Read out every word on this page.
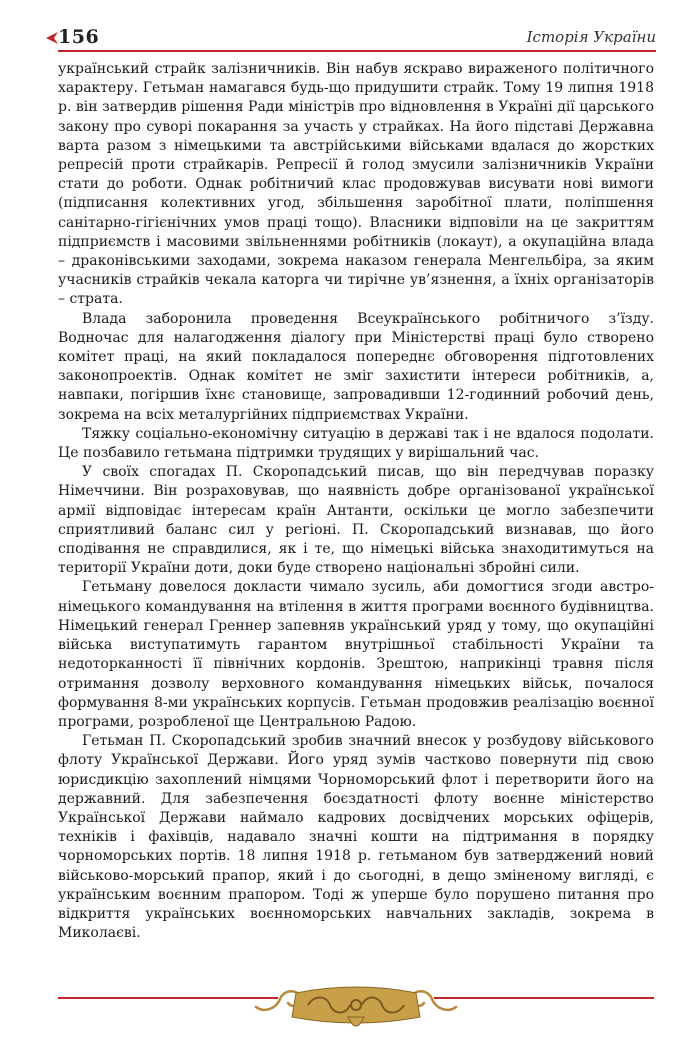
156	Історія України

український страйк залізничників. Він набув яскраво вираженого політичного характеру. Гетьман намагався будь-що придушити страйк. Тому 19 липня 1918 р. він затвердив рішення Ради міністрів про відновлення в Україні дії царського закону про суворі покарання за участь у страйках. На його підставі Державна варта разом з німецькими та австрійськими військами вдалася до жорстких репресій проти страйкарів. Репресії й голод змусили залізничників України стати до роботи. Однак робітничий клас продовжував висувати нові вимоги (підписання колективних угод, збільшення заробітної плати, поліпшення санітарно-гігієнічних умов праці тощо). Власники відповіли на це закриттям підприємств і масовими звільненнями робітників (локаут), а окупаційна влада – драконівськими заходами, зокрема наказом генерала Менгельбіра, за яким учасників страйків чекала каторга чи тирічне ув’язнення, а їхніх організаторів – страта.

Влада заборонила проведення Всеукраїнського робітничого з’їзду. Водночас для налагодження діалогу при Міністерстві праці було створено комітет праці, на який покладалося попереднє обговорення підготовлених законопроектів. Однак комітет не зміг захистити інтереси робітників, а, навпаки, погіршив їхнє становище, запровадивши 12-годинний робочий день, зокрема на всіх металургійних підприємствах України.

Тяжку соціально-економічну ситуацію в державі так і не вдалося подолати. Це позбавило гетьмана підтримки трудящих у вирішальний час.

У своїх спогадах П. Скоропадський писав, що він передчував поразку Німеччини. Він розраховував, що наявність добре організованої української армії відповідає інтересам країн Антанти, оскільки це могло забезпечити сприятливий баланс сил у регіоні. П. Скоропадський визнавав, що його сподівання не справдилися, як і те, що німецькі війська знаходитимуться на території України доти, доки буде створено національні збройні сили.

Гетьману довелося докласти чимало зусиль, аби домогтися згоди австро-німецького командування на втілення в життя програми воєнного будівництва. Німецький генерал Греннер запевняв український уряд у тому, що окупаційні війська виступатимуть гарантом внутрішньої стабільності України та недоторканності її північних кордонів. Зрештою, наприкінці травня після отримання дозволу верховного командування німецьких військ, почалося формування 8-ми українських корпусів. Гетьман продовжив реалізацію воєнної програми, розробленої ще Центральною Радою.

Гетьман П. Скоропадський зробив значний внесок у розбудову військового флоту Української Держави. Його уряд зумів частково повернути під свою юрисдикцію захоплений німцями Чорноморський флот і перетворити його на державний. Для забезпечення боєздатності флоту воєнне міністерство Української Держави наймало кадрових досвідчених морських офіцерів, техніків і фахівців, надавало значні кошти на підтримання в порядку чорноморських портів. 18 липня 1918 р. гетьманом був затверджений новий військово-морський прапор, який і до сьогодні, в дещо зміненому вигляді, є українським воєнним прапором. Тоді ж уперше було порушено питання про відкриття українських воєнноморських навчальних закладів, зокрема в Миколаєві.
